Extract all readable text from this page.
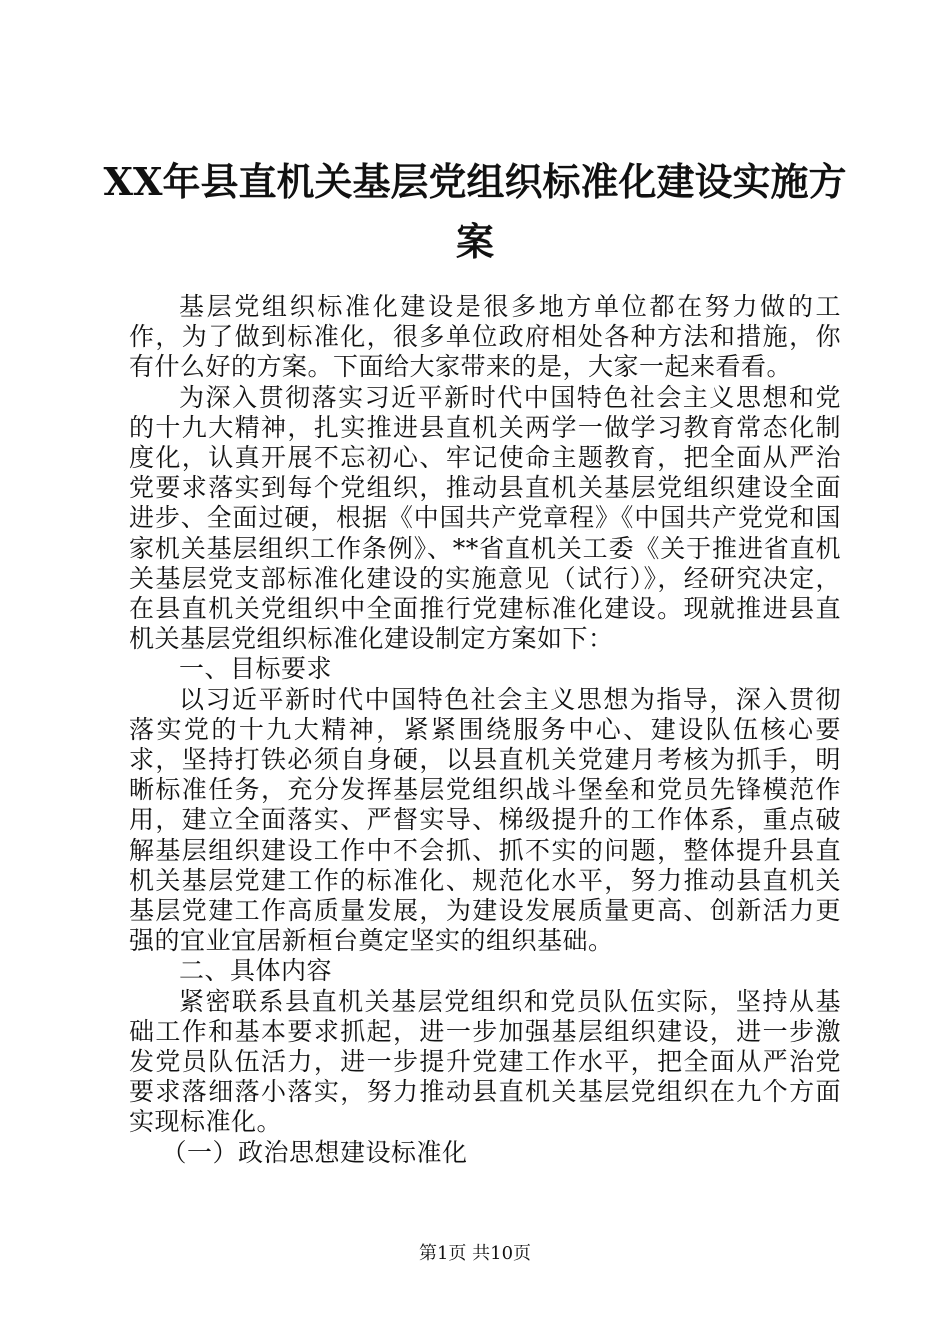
XX年县直机关基层党组织标准化建设实施方案

基层党组织标准化建设是很多地方单位都在努力做的工作，为了做到标准化，很多单位政府相处各种方法和措施，你有什么好的方案。下面给大家带来的是，大家一起来看看。

为深入贯彻落实习近平新时代中国特色社会主义思想和党的十九大精神，扎实推进县直机关两学一做学习教育常态化制度化，认真开展不忘初心、牢记使命主题教育，把全面从严治党要求落实到每个党组织，推动县直机关基层党组织建设全面进步、全面过硬，根据《中国共产党章程》《中国共产党党和国家机关基层组织工作条例》、**省直机关工委《关于推进省直机关基层党支部标准化建设的实施意见（试行）》，经研究决定，在县直机关党组织中全面推行党建标准化建设。现就推进县直机关基层党组织标准化建设制定方案如下：

一、目标要求

以习近平新时代中国特色社会主义思想为指导，深入贯彻落实党的十九大精神，紧紧围绕服务中心、建设队伍核心要求，坚持打铁必须自身硬，以县直机关党建月考核为抓手，明晰标准任务，充分发挥基层党组织战斗堡垒和党员先锋模范作用，建立全面落实、严督实导、梯级提升的工作体系，重点破解基层组织建设工作中不会抓、抓不实的问题，整体提升县直机关基层党建工作的标准化、规范化水平，努力推动县直机关基层党建工作高质量发展，为建设发展质量更高、创新活力更强的宜业宜居新桓台奠定坚实的组织基础。

二、具体内容

紧密联系县直机关基层党组织和党员队伍实际，坚持从基础工作和基本要求抓起，进一步加强基层组织建设，进一步激发党员队伍活力，进一步提升党建工作水平，把全面从严治党要求落细落小落实，努力推动县直机关基层党组织在九个方面实现标准化。

（一）政治思想建设标准化

第1页 共10页
